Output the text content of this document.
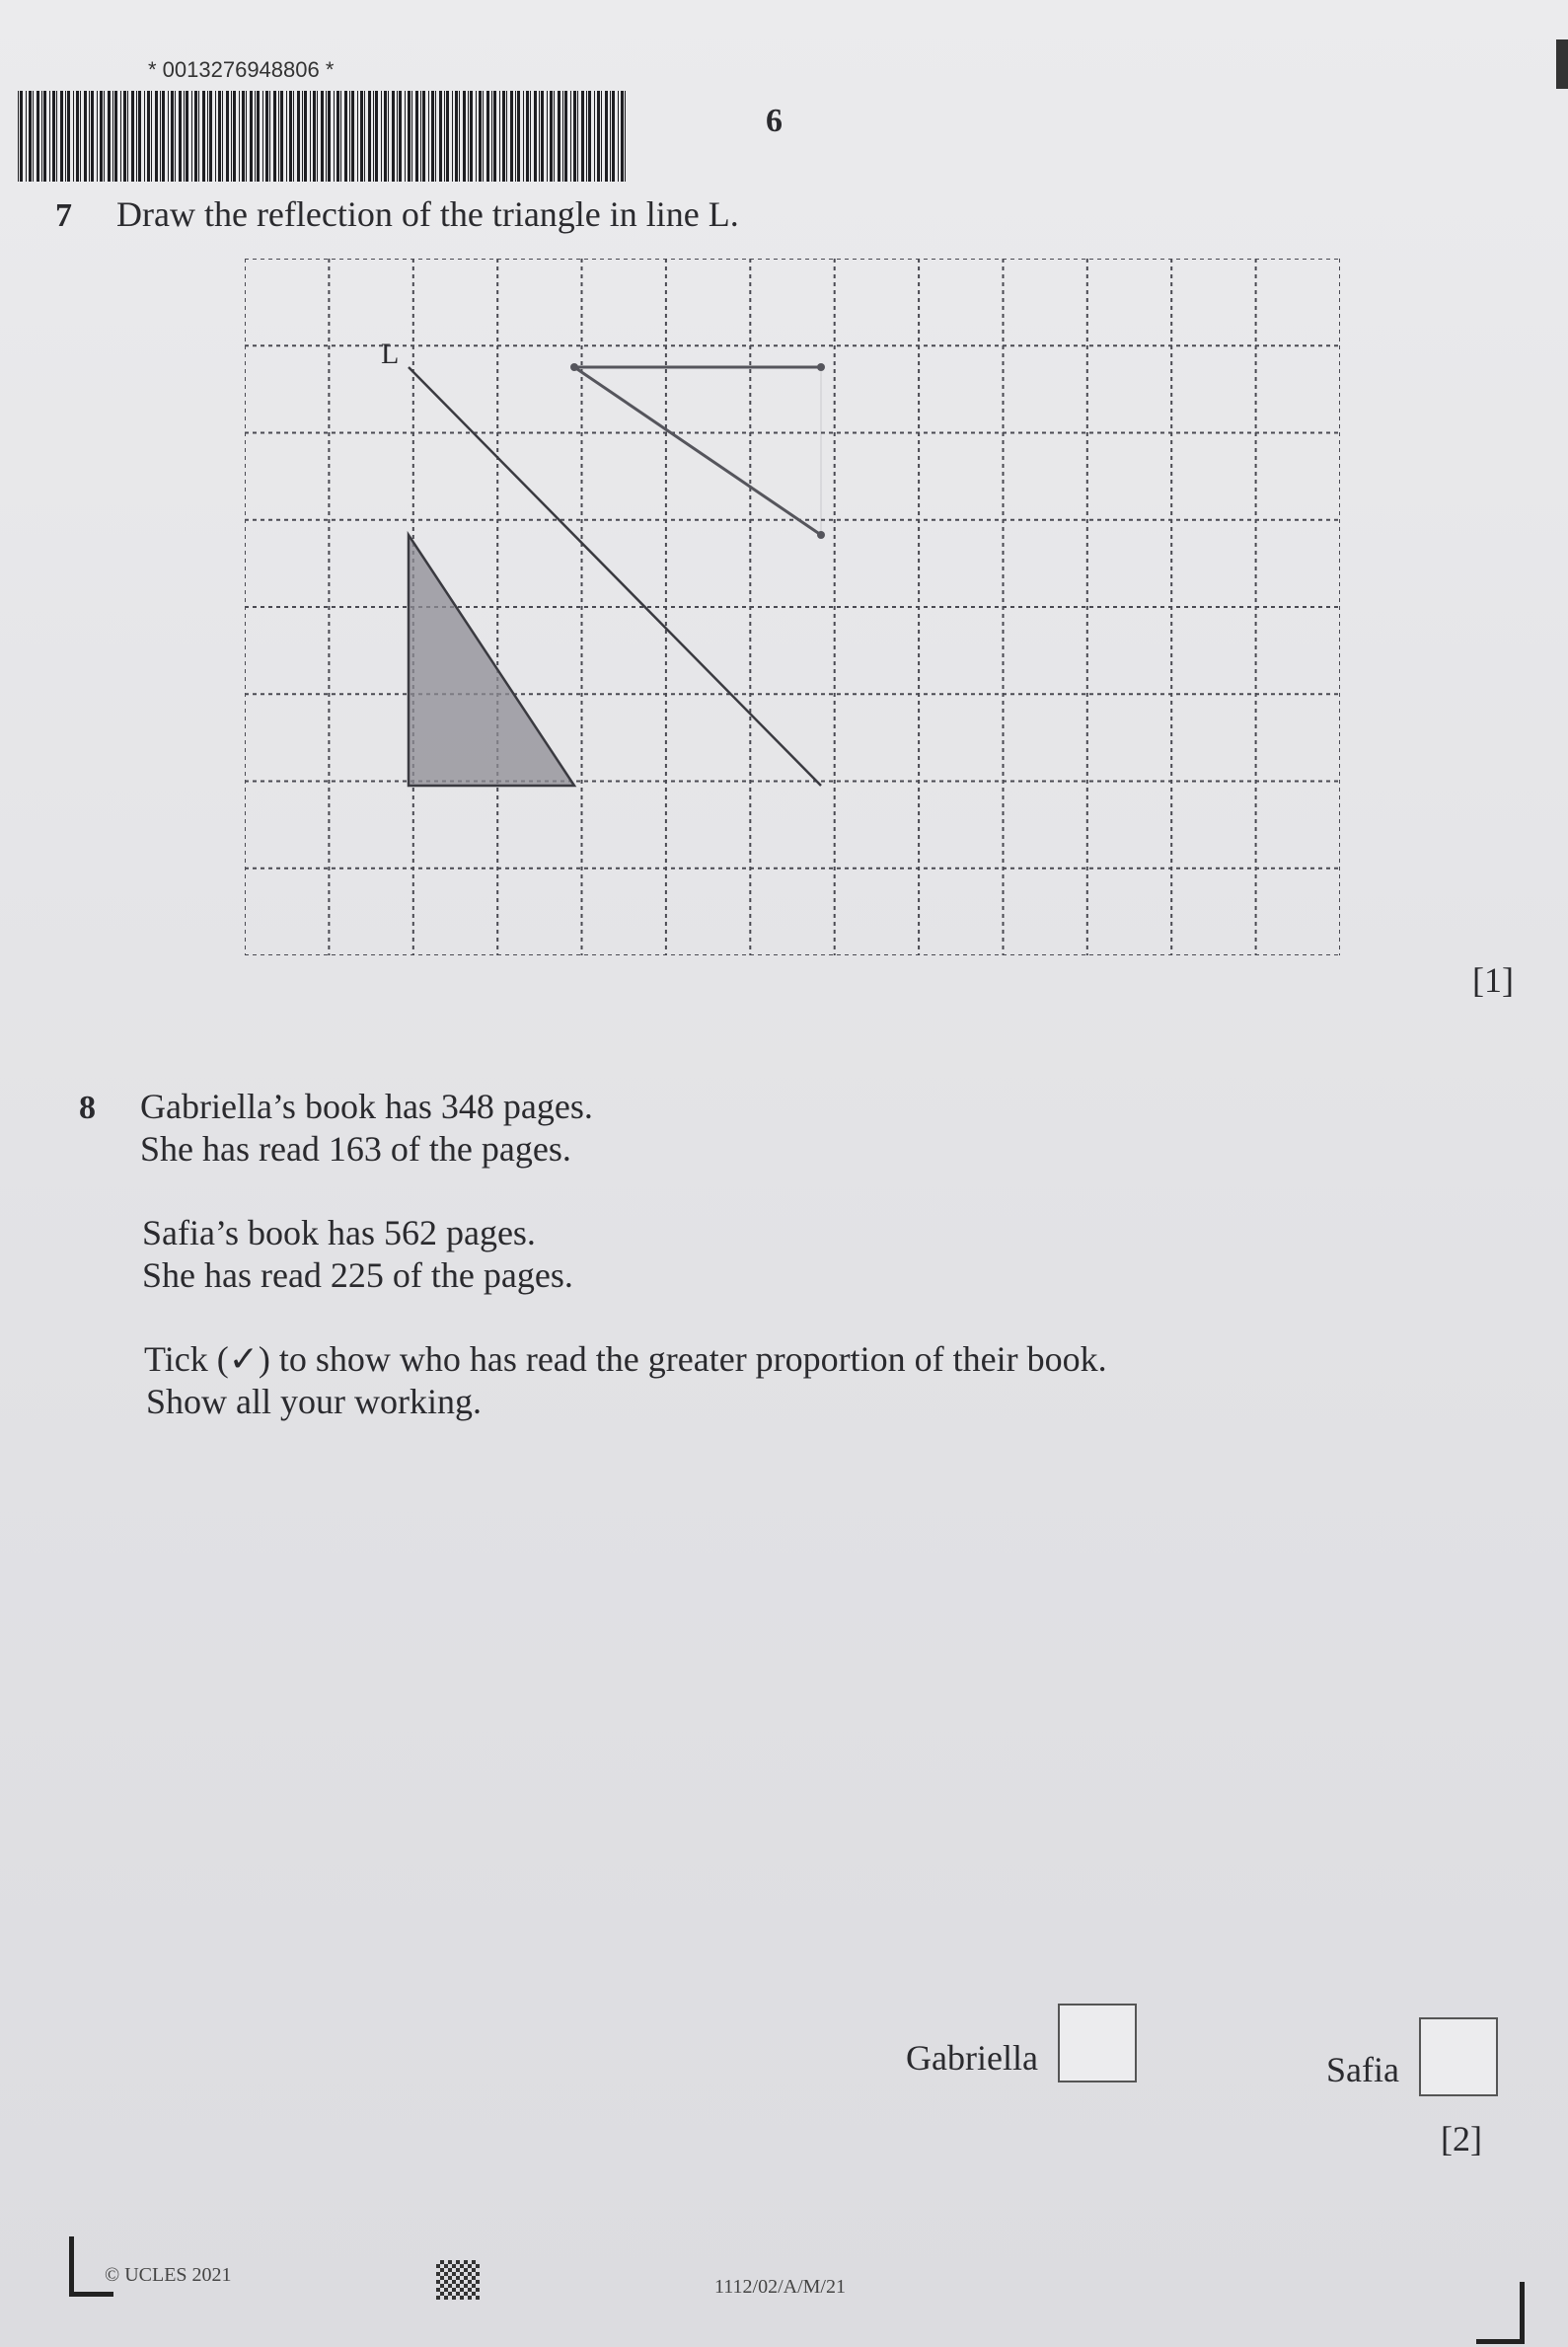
* 0013276948806 *
6
7 Draw the reflection of the triangle in line L.
L
[1]
8 Gabriella’s book has 348 pages.
She has read 163 of the pages.
Safia’s book has 562 pages.
She has read 225 of the pages.
Tick (✓) to show who has read the greater proportion of their book.
Show all your working.
Gabriella	Safia
[2]
© UCLES 2021
1112/02/A/M/21
